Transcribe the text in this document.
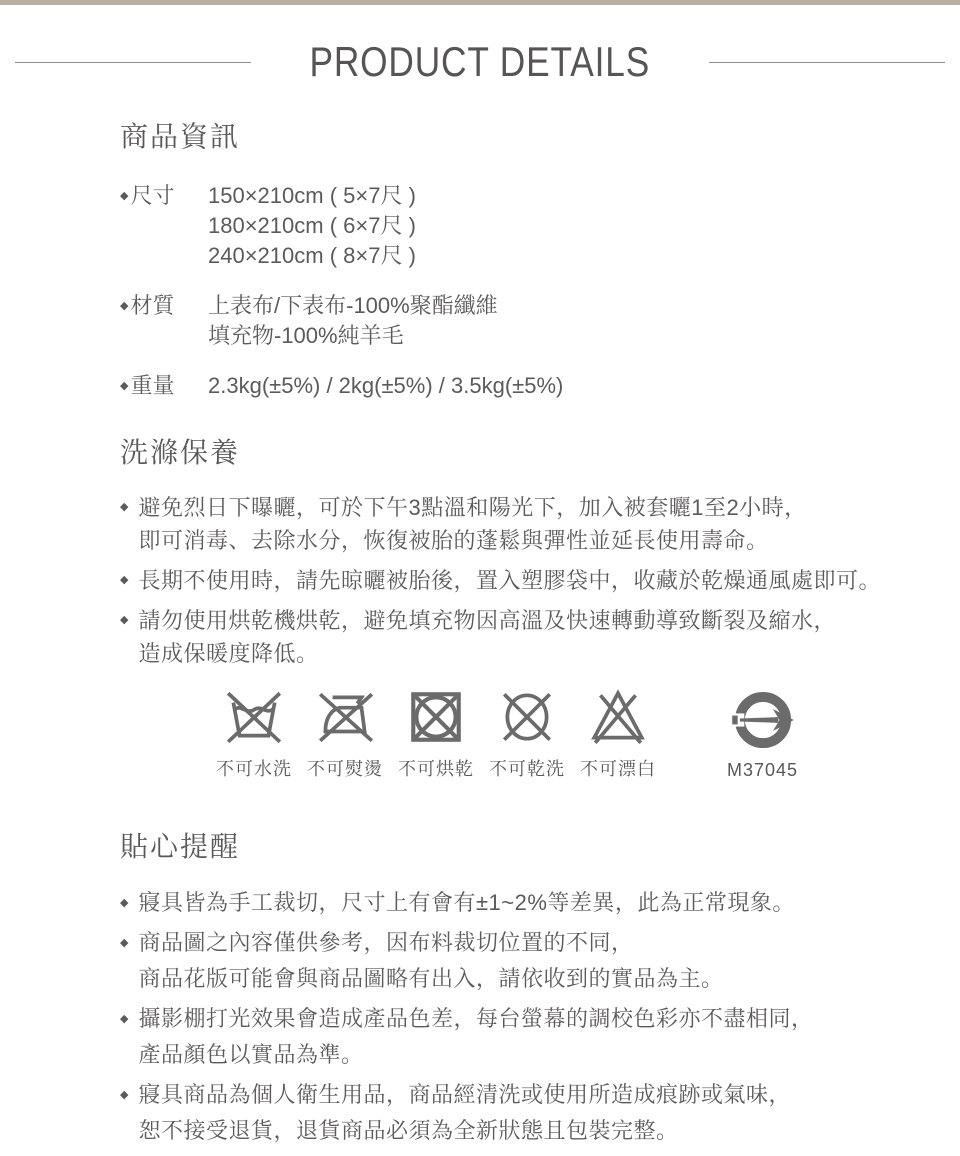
PRODUCT DETAILS
商品資訊
◆ 尺寸 150×210cm ( 5×7尺 )
180×210cm ( 6×7尺 )
240×210cm ( 8×7尺 )
◆ 材質 上表布/下表布-100%聚酯纖維
填充物-100%純羊毛
◆ 重量 2.3kg(±5%) / 2kg(±5%) / 3.5kg(±5%)
洗滌保養
◆ 避免烈日下曝曬，可於下午3點溫和陽光下，加入被套曬1至2小時，
即可消毒、去除水分，恢復被胎的蓬鬆與彈性並延長使用壽命。
◆ 長期不使用時，請先晾曬被胎後，置入塑膠袋中，收藏於乾燥通風處即可。
◆ 請勿使用烘乾機烘乾，避免填充物因高溫及快速轉動導致斷裂及縮水，
造成保暖度降低。
不可水洗 不可熨燙 不可烘乾 不可乾洗 不可漂白	M37045
貼心提醒
◆ 寢具皆為手工裁切，尺寸上有會有±1~2%等差異，此為正常現象。
◆ 商品圖之內容僅供參考，因布料裁切位置的不同，
商品花版可能會與商品圖略有出入，請依收到的實品為主。
◆ 攝影棚打光效果會造成產品色差，每台螢幕的調校色彩亦不盡相同，
產品顏色以實品為準。
◆ 寢具商品為個人衛生用品，商品經清洗或使用所造成痕跡或氣味，
恕不接受退貨，退貨商品必須為全新狀態且包裝完整。
